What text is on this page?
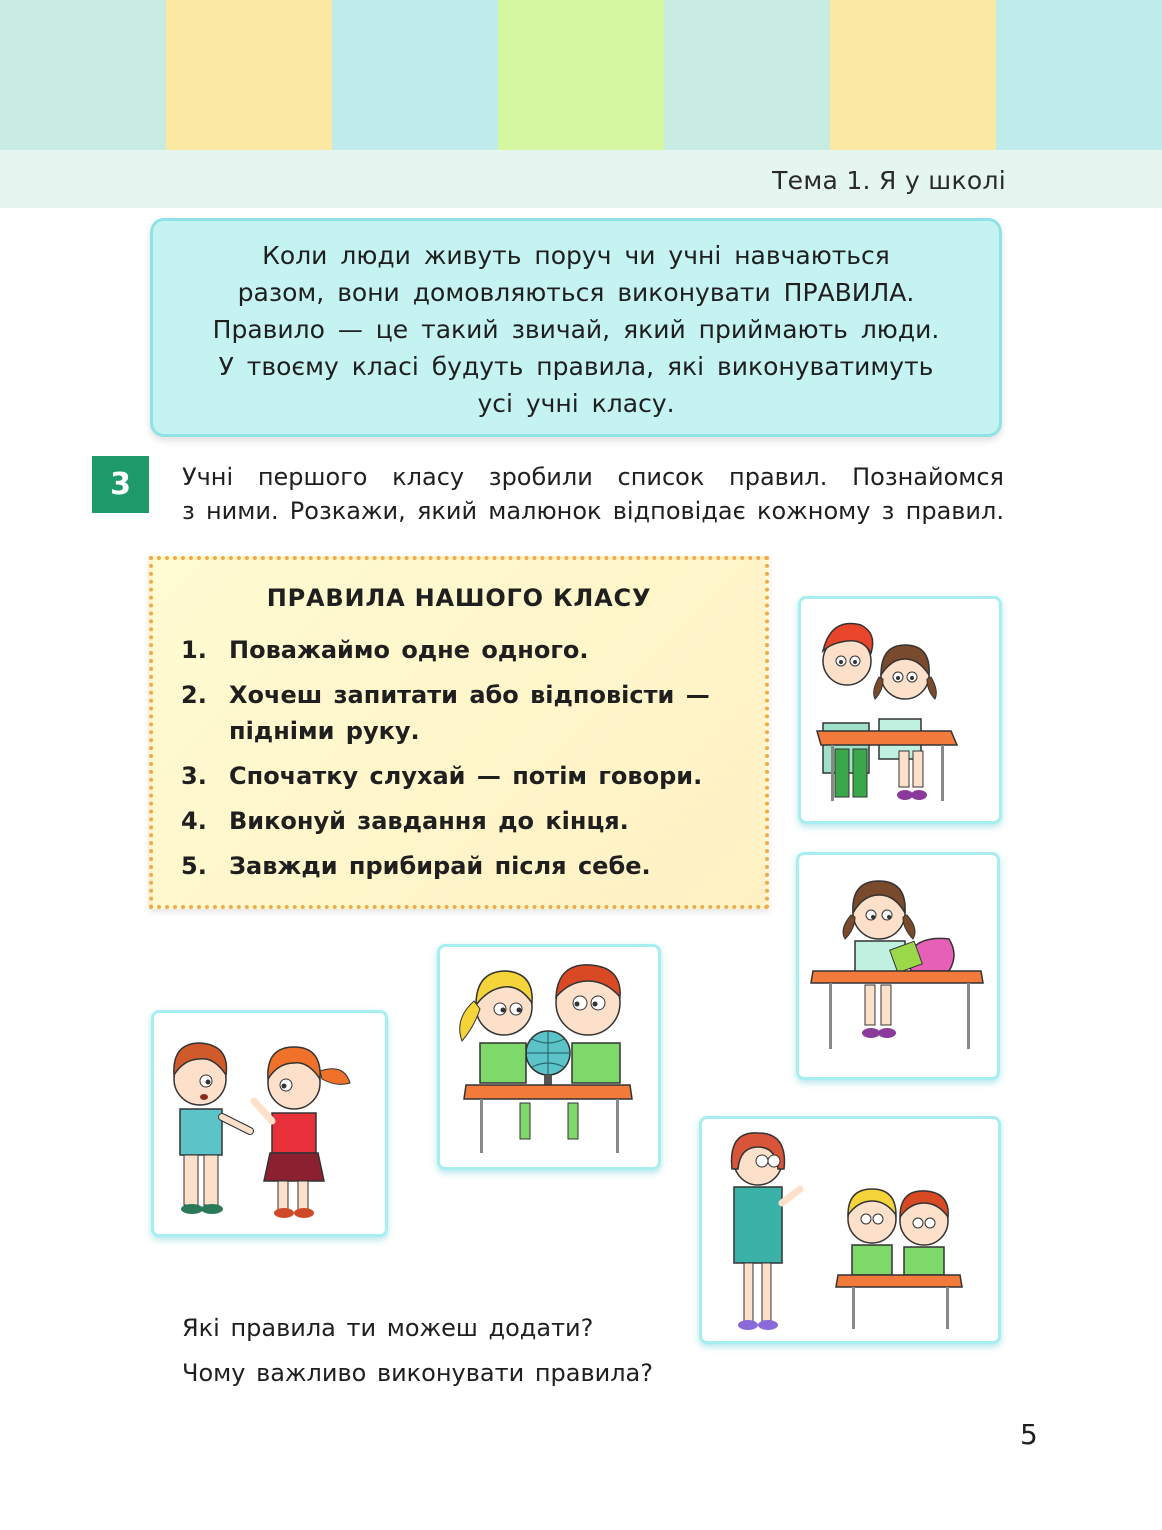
Тема 1. Я у школі

Коли люди живуть поруч чи учні навчаються

разом, вони домовляються виконувати ПРАВИЛА.

Правило — це такий звичай, який приймають люди.

У твоєму класі будуть правила, які виконуватимуть

усі учні класу.

3	Учні першого класу зробили список правил. Познайомся

з ними. Розкажи, який малюнок відповідає кожному з правил.

ПРАВИЛА НАШОГО КЛАСУ
1. Поважаймо одне одного.
2. Хочеш запитати або відповісти —
підніми руку.
3. Спочатку слухай — потім говори.
4. Виконуй завдання до кінця.
5. Завжди прибирай після себе.
Які правила ти можеш додати?
Чому важливо виконувати правила?
5
